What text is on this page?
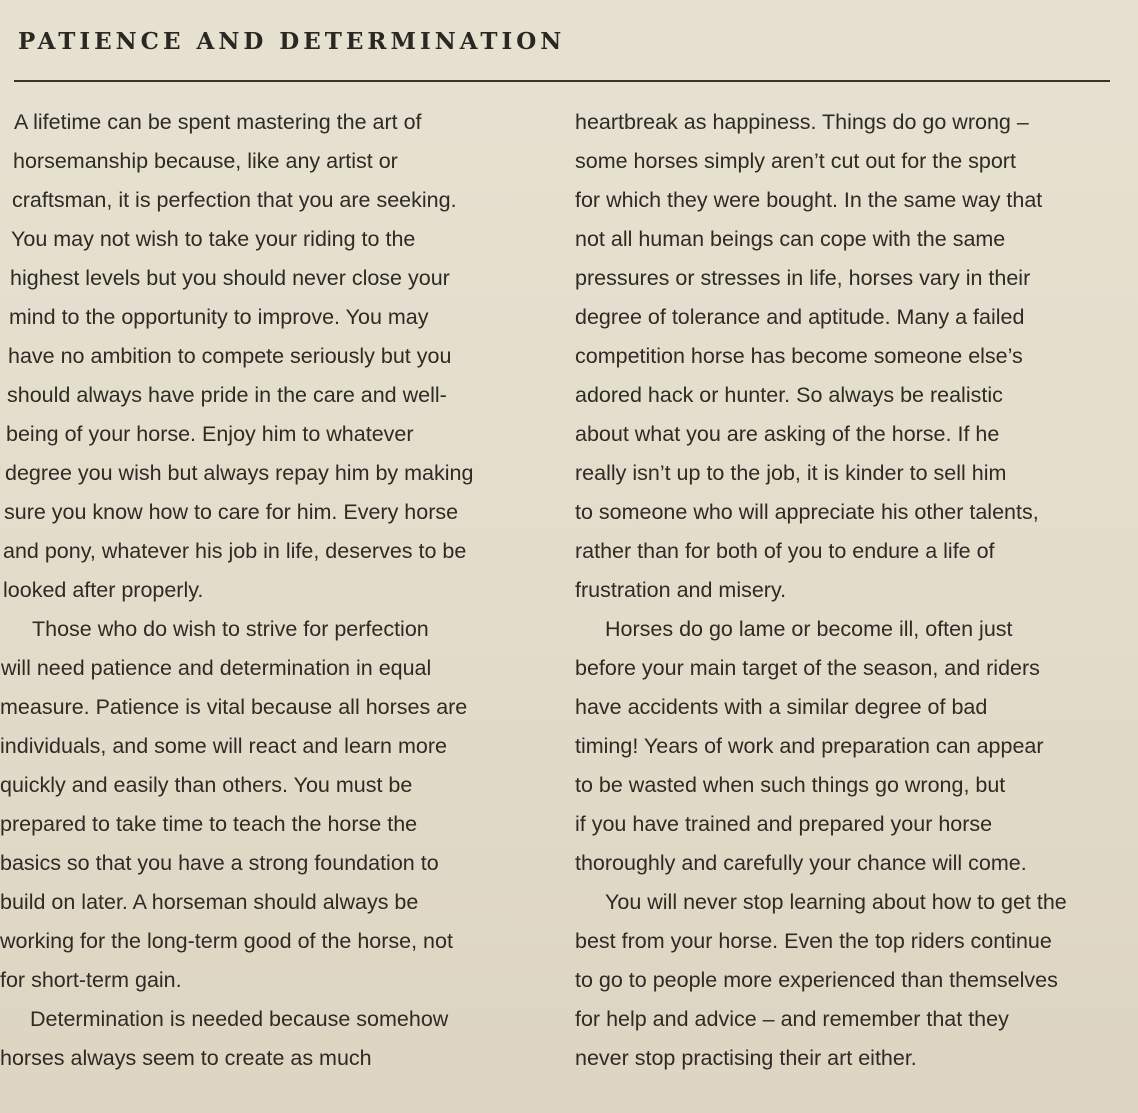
PATIENCE AND DETERMINATION
A lifetime can be spent mastering the art of
horsemanship because, like any artist or
craftsman, it is perfection that you are seeking.
You may not wish to take your riding to the
highest levels but you should never close your
mind to the opportunity to improve. You may
have no ambition to compete seriously but you
should always have pride in the care and well-
being of your horse. Enjoy him to whatever
degree you wish but always repay him by making
sure you know how to care for him. Every horse
and pony, whatever his job in life, deserves to be
looked after properly.
Those who do wish to strive for perfection
will need patience and determination in equal
measure. Patience is vital because all horses are
individuals, and some will react and learn more
quickly and easily than others. You must be
prepared to take time to teach the horse the
basics so that you have a strong foundation to
build on later. A horseman should always be
working for the long-term good of the horse, not
for short-term gain.
Determination is needed because somehow
horses always seem to create as much
heartbreak as happiness. Things do go wrong –
some horses simply aren’t cut out for the sport
for which they were bought. In the same way that
not all human beings can cope with the same
pressures or stresses in life, horses vary in their
degree of tolerance and aptitude. Many a failed
competition horse has become someone else’s
adored hack or hunter. So always be realistic
about what you are asking of the horse. If he
really isn’t up to the job, it is kinder to sell him
to someone who will appreciate his other talents,
rather than for both of you to endure a life of
frustration and misery.
Horses do go lame or become ill, often just
before your main target of the season, and riders
have accidents with a similar degree of bad
timing! Years of work and preparation can appear
to be wasted when such things go wrong, but
if you have trained and prepared your horse
thoroughly and carefully your chance will come.
You will never stop learning about how to get the
best from your horse. Even the top riders continue
to go to people more experienced than themselves
for help and advice – and remember that they
never stop practising their art either.
